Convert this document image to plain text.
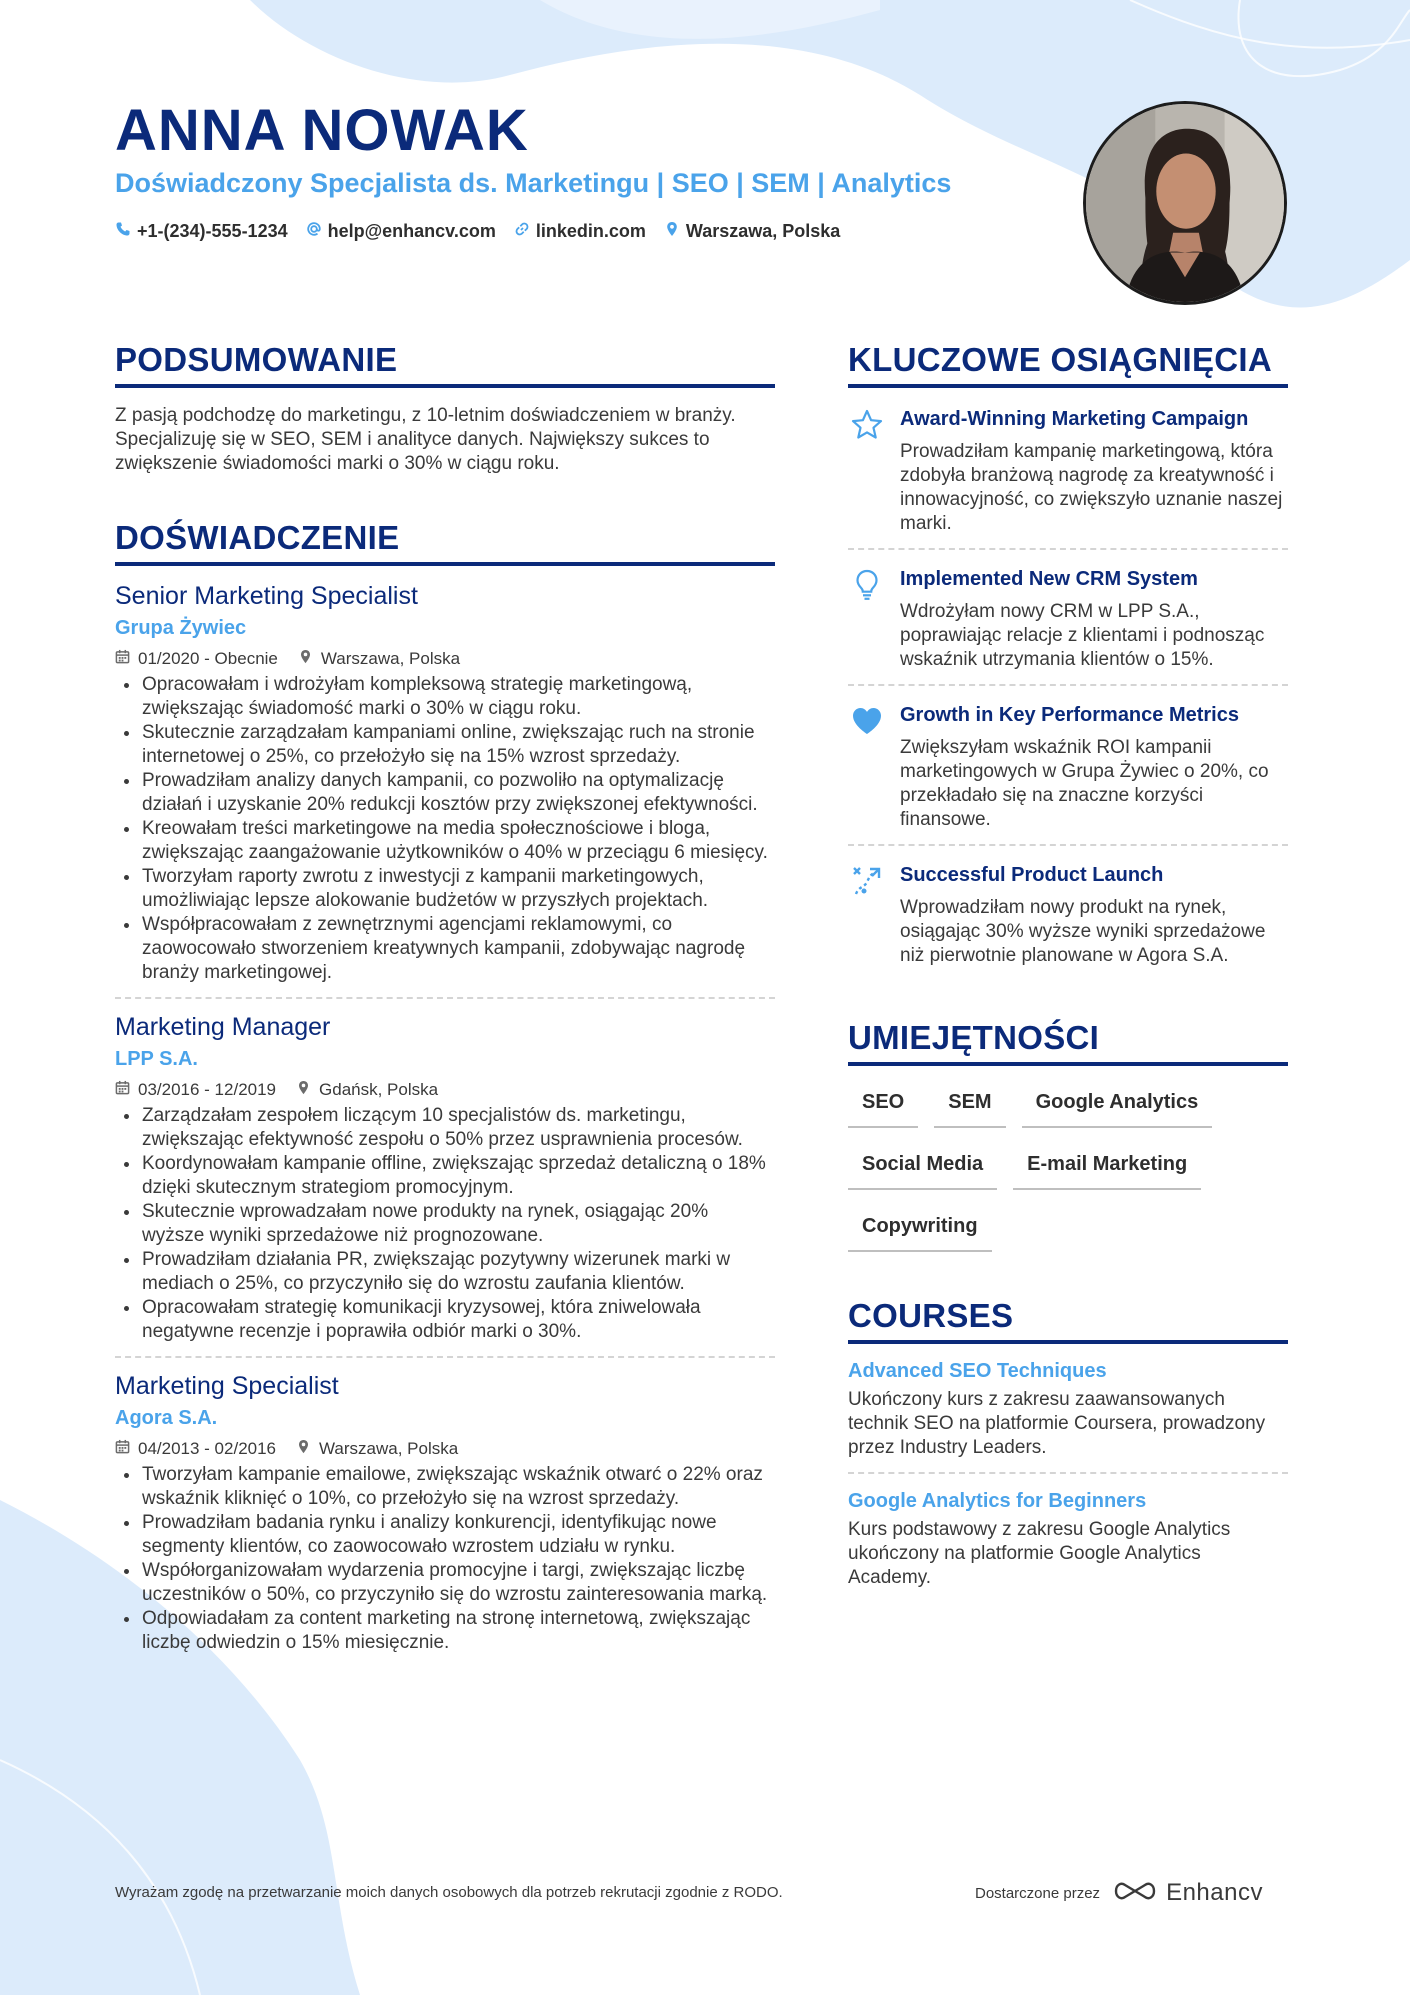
ANNA NOWAK
Doświadczony Specjalista ds. Marketingu | SEO | SEM | Analytics
+1-(234)-555-1234 help@enhancv.com linkedin.com Warszawa, Polska
PODSUMOWANIE
Z pasją podchodzę do marketingu, z 10-letnim doświadczeniem w branży. Specjalizuję się w SEO, SEM i analityce danych. Największy sukces to zwiększenie świadomości marki o 30% w ciągu roku.
DOŚWIADCZENIE
Senior Marketing Specialist
Grupa Żywiec
01/2020 - Obecnie	Warszawa, Polska
Opracowałam i wdrożyłam kompleksową strategię marketingową, zwiększając świadomość marki o 30% w ciągu roku.
Skutecznie zarządzałam kampaniami online, zwiększając ruch na stronie internetowej o 25%, co przełożyło się na 15% wzrost sprzedaży.
Prowadziłam analizy danych kampanii, co pozwoliło na optymalizację działań i uzyskanie 20% redukcji kosztów przy zwiększonej efektywności.
Kreowałam treści marketingowe na media społecznościowe i bloga, zwiększając zaangażowanie użytkowników o 40% w przeciągu 6 miesięcy.
Tworzyłam raporty zwrotu z inwestycji z kampanii marketingowych, umożliwiając lepsze alokowanie budżetów w przyszłych projektach.
Współpracowałam z zewnętrznymi agencjami reklamowymi, co zaowocowało stworzeniem kreatywnych kampanii, zdobywając nagrodę branży marketingowej.
Marketing Manager
LPP S.A.
03/2016 - 12/2019	Gdańsk, Polska
Zarządzałam zespołem liczącym 10 specjalistów ds. marketingu, zwiększając efektywność zespołu o 50% przez usprawnienia procesów.
Koordynowałam kampanie offline, zwiększając sprzedaż detaliczną o 18% dzięki skutecznym strategiom promocyjnym.
Skutecznie wprowadzałam nowe produkty na rynek, osiągając 20% wyższe wyniki sprzedażowe niż prognozowane.
Prowadziłam działania PR, zwiększając pozytywny wizerunek marki w mediach o 25%, co przyczyniło się do wzrostu zaufania klientów.
Opracowałam strategię komunikacji kryzysowej, która zniwelowała negatywne recenzje i poprawiła odbiór marki o 30%.
Marketing Specialist
Agora S.A.
04/2013 - 02/2016	Warszawa, Polska
Tworzyłam kampanie emailowe, zwiększając wskaźnik otwarć o 22% oraz wskaźnik kliknięć o 10%, co przełożyło się na wzrost sprzedaży.
Prowadziłam badania rynku i analizy konkurencji, identyfikując nowe segmenty klientów, co zaowocowało wzrostem udziału w rynku.
Współorganizowałam wydarzenia promocyjne i targi, zwiększając liczbę uczestników o 50%, co przyczyniło się do wzrostu zainteresowania marką.
Odpowiadałam za content marketing na stronę internetową, zwiększając liczbę odwiedzin o 15% miesięcznie.
KLUCZOWE OSIĄGNIĘCIA
Award-Winning Marketing Campaign
Prowadziłam kampanię marketingową, która zdobyła branżową nagrodę za kreatywność i innowacyjność, co zwiększyło uznanie naszej marki.
Implemented New CRM System
Wdrożyłam nowy CRM w LPP S.A., poprawiając relacje z klientami i podnosząc wskaźnik utrzymania klientów o 15%.
Growth in Key Performance Metrics
Zwiększyłam wskaźnik ROI kampanii marketingowych w Grupa Żywiec o 20%, co przekładało się na znaczne korzyści finansowe.
Successful Product Launch
Wprowadziłam nowy produkt na rynek, osiągając 30% wyższe wyniki sprzedażowe niż pierwotnie planowane w Agora S.A.
UMIEJĘTNOŚCI
SEO	SEM	Google Analytics
Social Media	E-mail Marketing
Copywriting
COURSES
Advanced SEO Techniques
Ukończony kurs z zakresu zaawansowanych technik SEO na platformie Coursera, prowadzony przez Industry Leaders.
Google Analytics for Beginners
Kurs podstawowy z zakresu Google Analytics ukończony na platformie Google Analytics Academy.
Wyrażam zgodę na przetwarzanie moich danych osobowych dla potrzeb rekrutacji zgodnie z RODO.	Dostarczone przez	Enhancv
